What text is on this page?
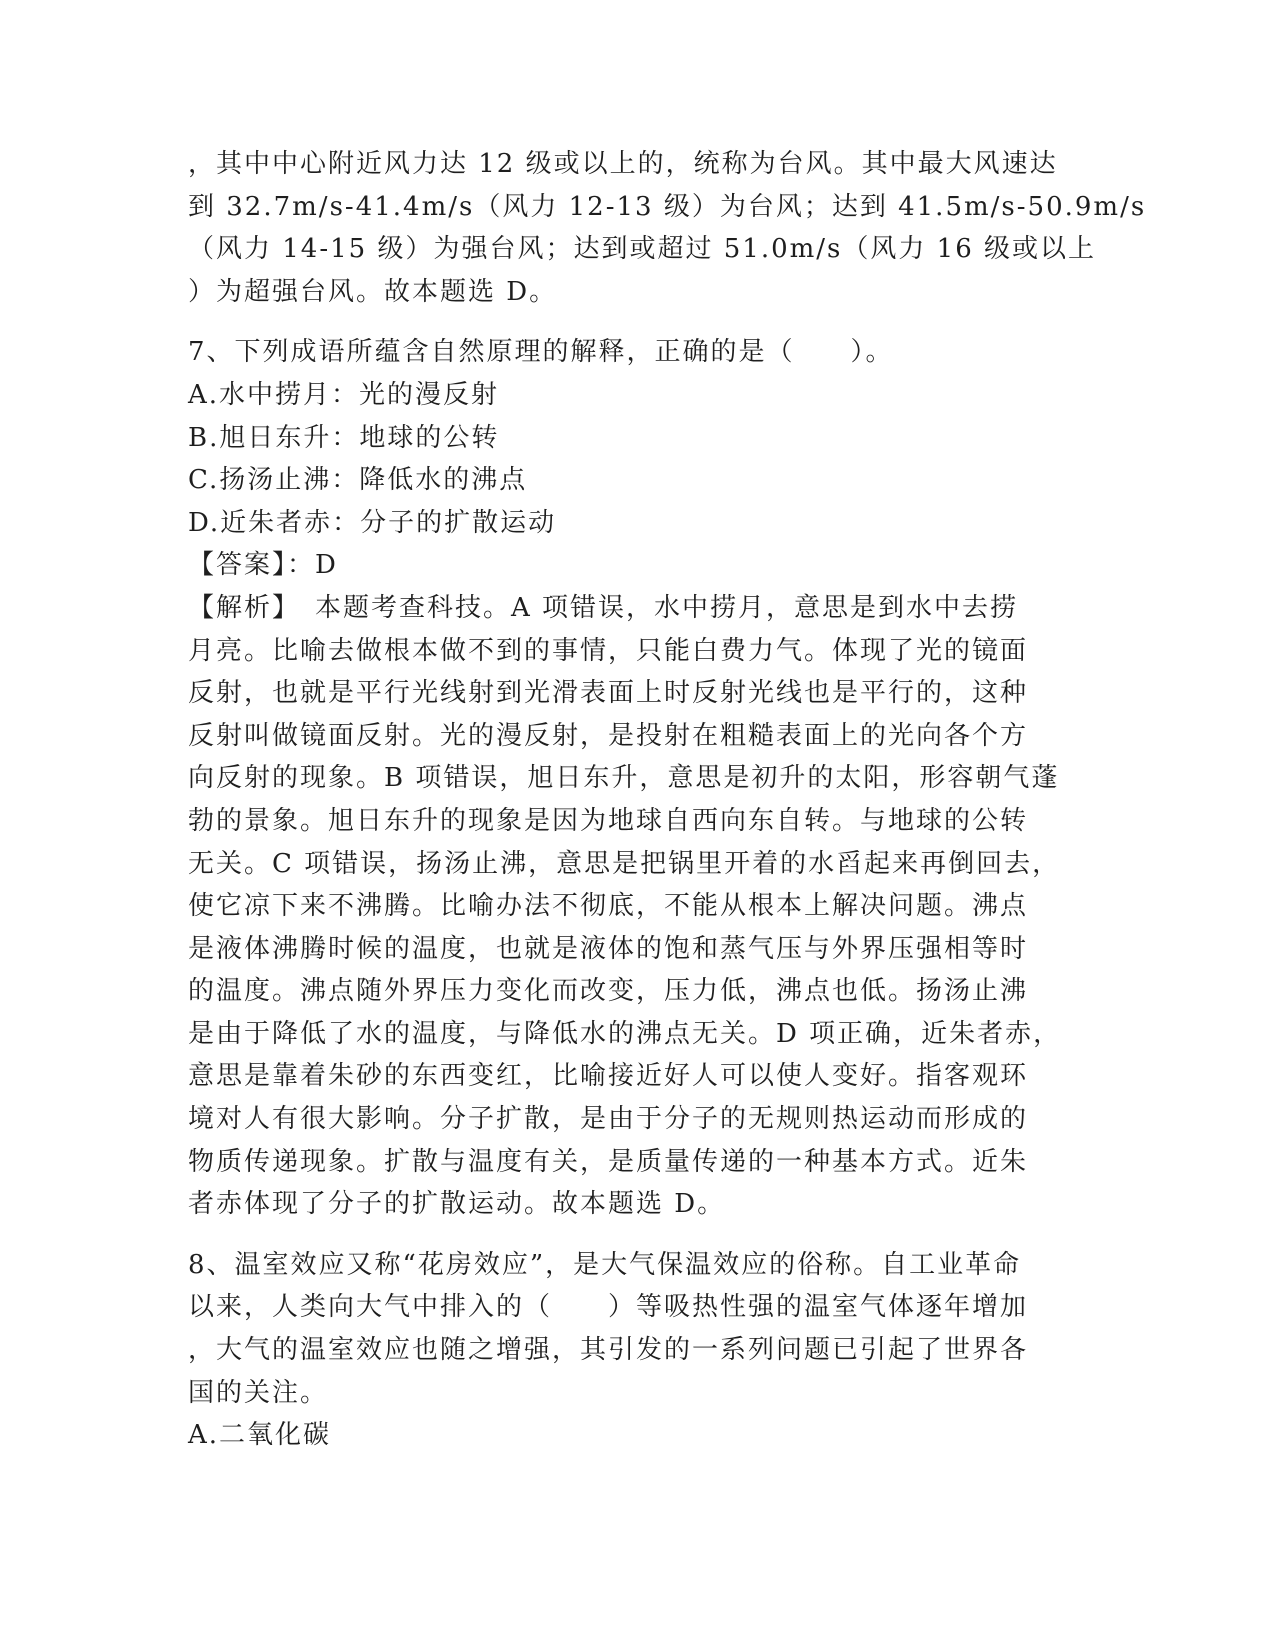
，其中中心附近风力达 12 级或以上的，统称为台风。其中最大风速达
到 32.7m/s-41.4m/s（风力 12-13 级）为台风；达到 41.5m/s-50.9m/s
（风力 14-15 级）为强台风；达到或超过 51.0m/s（风力 16 级或以上
）为超强台风。故本题选 D。
7、下列成语所蕴含自然原理的解释，正确的是（　　）。
A.水中捞月：光的漫反射
B.旭日东升：地球的公转
C.扬汤止沸：降低水的沸点
D.近朱者赤：分子的扩散运动
【答案】：D
【解析】　本题考查科技。A 项错误，水中捞月，意思是到水中去捞
月亮。比喻去做根本做不到的事情，只能白费力气。体现了光的镜面
反射，也就是平行光线射到光滑表面上时反射光线也是平行的，这种
反射叫做镜面反射。光的漫反射，是投射在粗糙表面上的光向各个方
向反射的现象。B 项错误，旭日东升，意思是初升的太阳，形容朝气蓬
勃的景象。旭日东升的现象是因为地球自西向东自转。与地球的公转
无关。C 项错误，扬汤止沸，意思是把锅里开着的水舀起来再倒回去，
使它凉下来不沸腾。比喻办法不彻底，不能从根本上解决问题。沸点
是液体沸腾时候的温度，也就是液体的饱和蒸气压与外界压强相等时
的温度。沸点随外界压力变化而改变，压力低，沸点也低。扬汤止沸
是由于降低了水的温度，与降低水的沸点无关。D 项正确，近朱者赤，
意思是靠着朱砂的东西变红，比喻接近好人可以使人变好。指客观环
境对人有很大影响。分子扩散，是由于分子的无规则热运动而形成的
物质传递现象。扩散与温度有关，是质量传递的一种基本方式。近朱
者赤体现了分子的扩散运动。故本题选 D。
8、温室效应又称“花房效应”，是大气保温效应的俗称。自工业革命
以来，人类向大气中排入的（　　）等吸热性强的温室气体逐年增加
，大气的温室效应也随之增强，其引发的一系列问题已引起了世界各
国的关注。
A.二氧化碳
